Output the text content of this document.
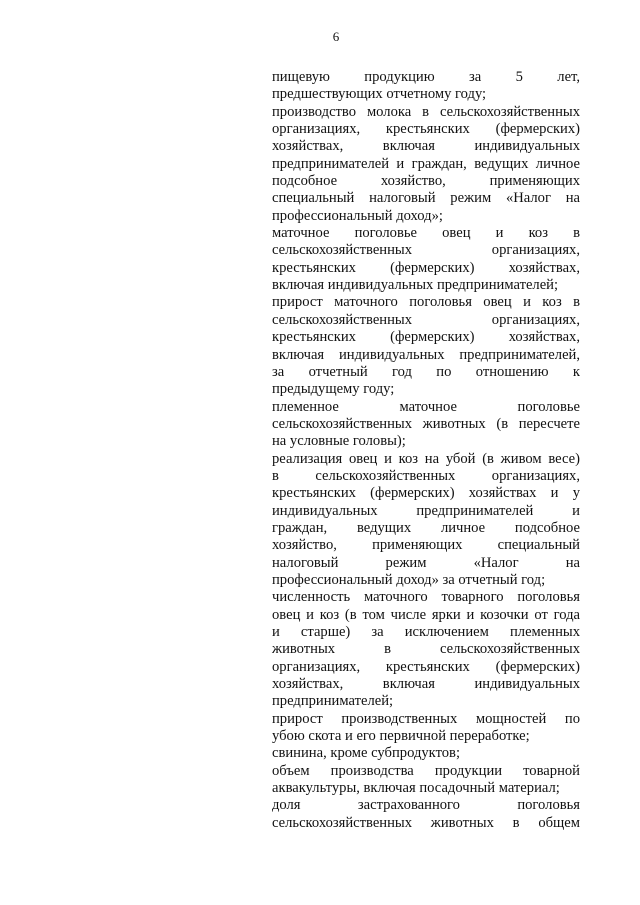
6
пищевую продукцию за 5 лет,
предшествующих отчетному году;
производство молока в сельскохозяйственных
организациях, крестьянских (фермерских)
хозяйствах, включая индивидуальных
предпринимателей и граждан, ведущих личное
подсобное хозяйство, применяющих
специальный налоговый режим «Налог на
профессиональный доход»;
маточное поголовье овец и коз в
сельскохозяйственных организациях,
крестьянских (фермерских) хозяйствах,
включая индивидуальных предпринимателей;
прирост маточного поголовья овец и коз в
сельскохозяйственных организациях,
крестьянских (фермерских) хозяйствах,
включая индивидуальных предпринимателей,
за отчетный год по отношению к
предыдущему году;
племенное маточное поголовье
сельскохозяйственных животных (в пересчете
на условные головы);
реализация овец и коз на убой (в живом весе)
в сельскохозяйственных организациях,
крестьянских (фермерских) хозяйствах и у
индивидуальных предпринимателей и
граждан, ведущих личное подсобное
хозяйство, применяющих специальный
налоговый режим «Налог на
профессиональный доход» за отчетный год;
численность маточного товарного поголовья
овец и коз (в том числе ярки и козочки от года
и старше) за исключением племенных
животных в сельскохозяйственных
организациях, крестьянских (фермерских)
хозяйствах, включая индивидуальных
предпринимателей;
прирост производственных мощностей по
убою скота и его первичной переработке;
свинина, кроме субпродуктов;
объем производства продукции товарной
аквакультуры, включая посадочный материал;
доля застрахованного поголовья
сельскохозяйственных животных в общем
